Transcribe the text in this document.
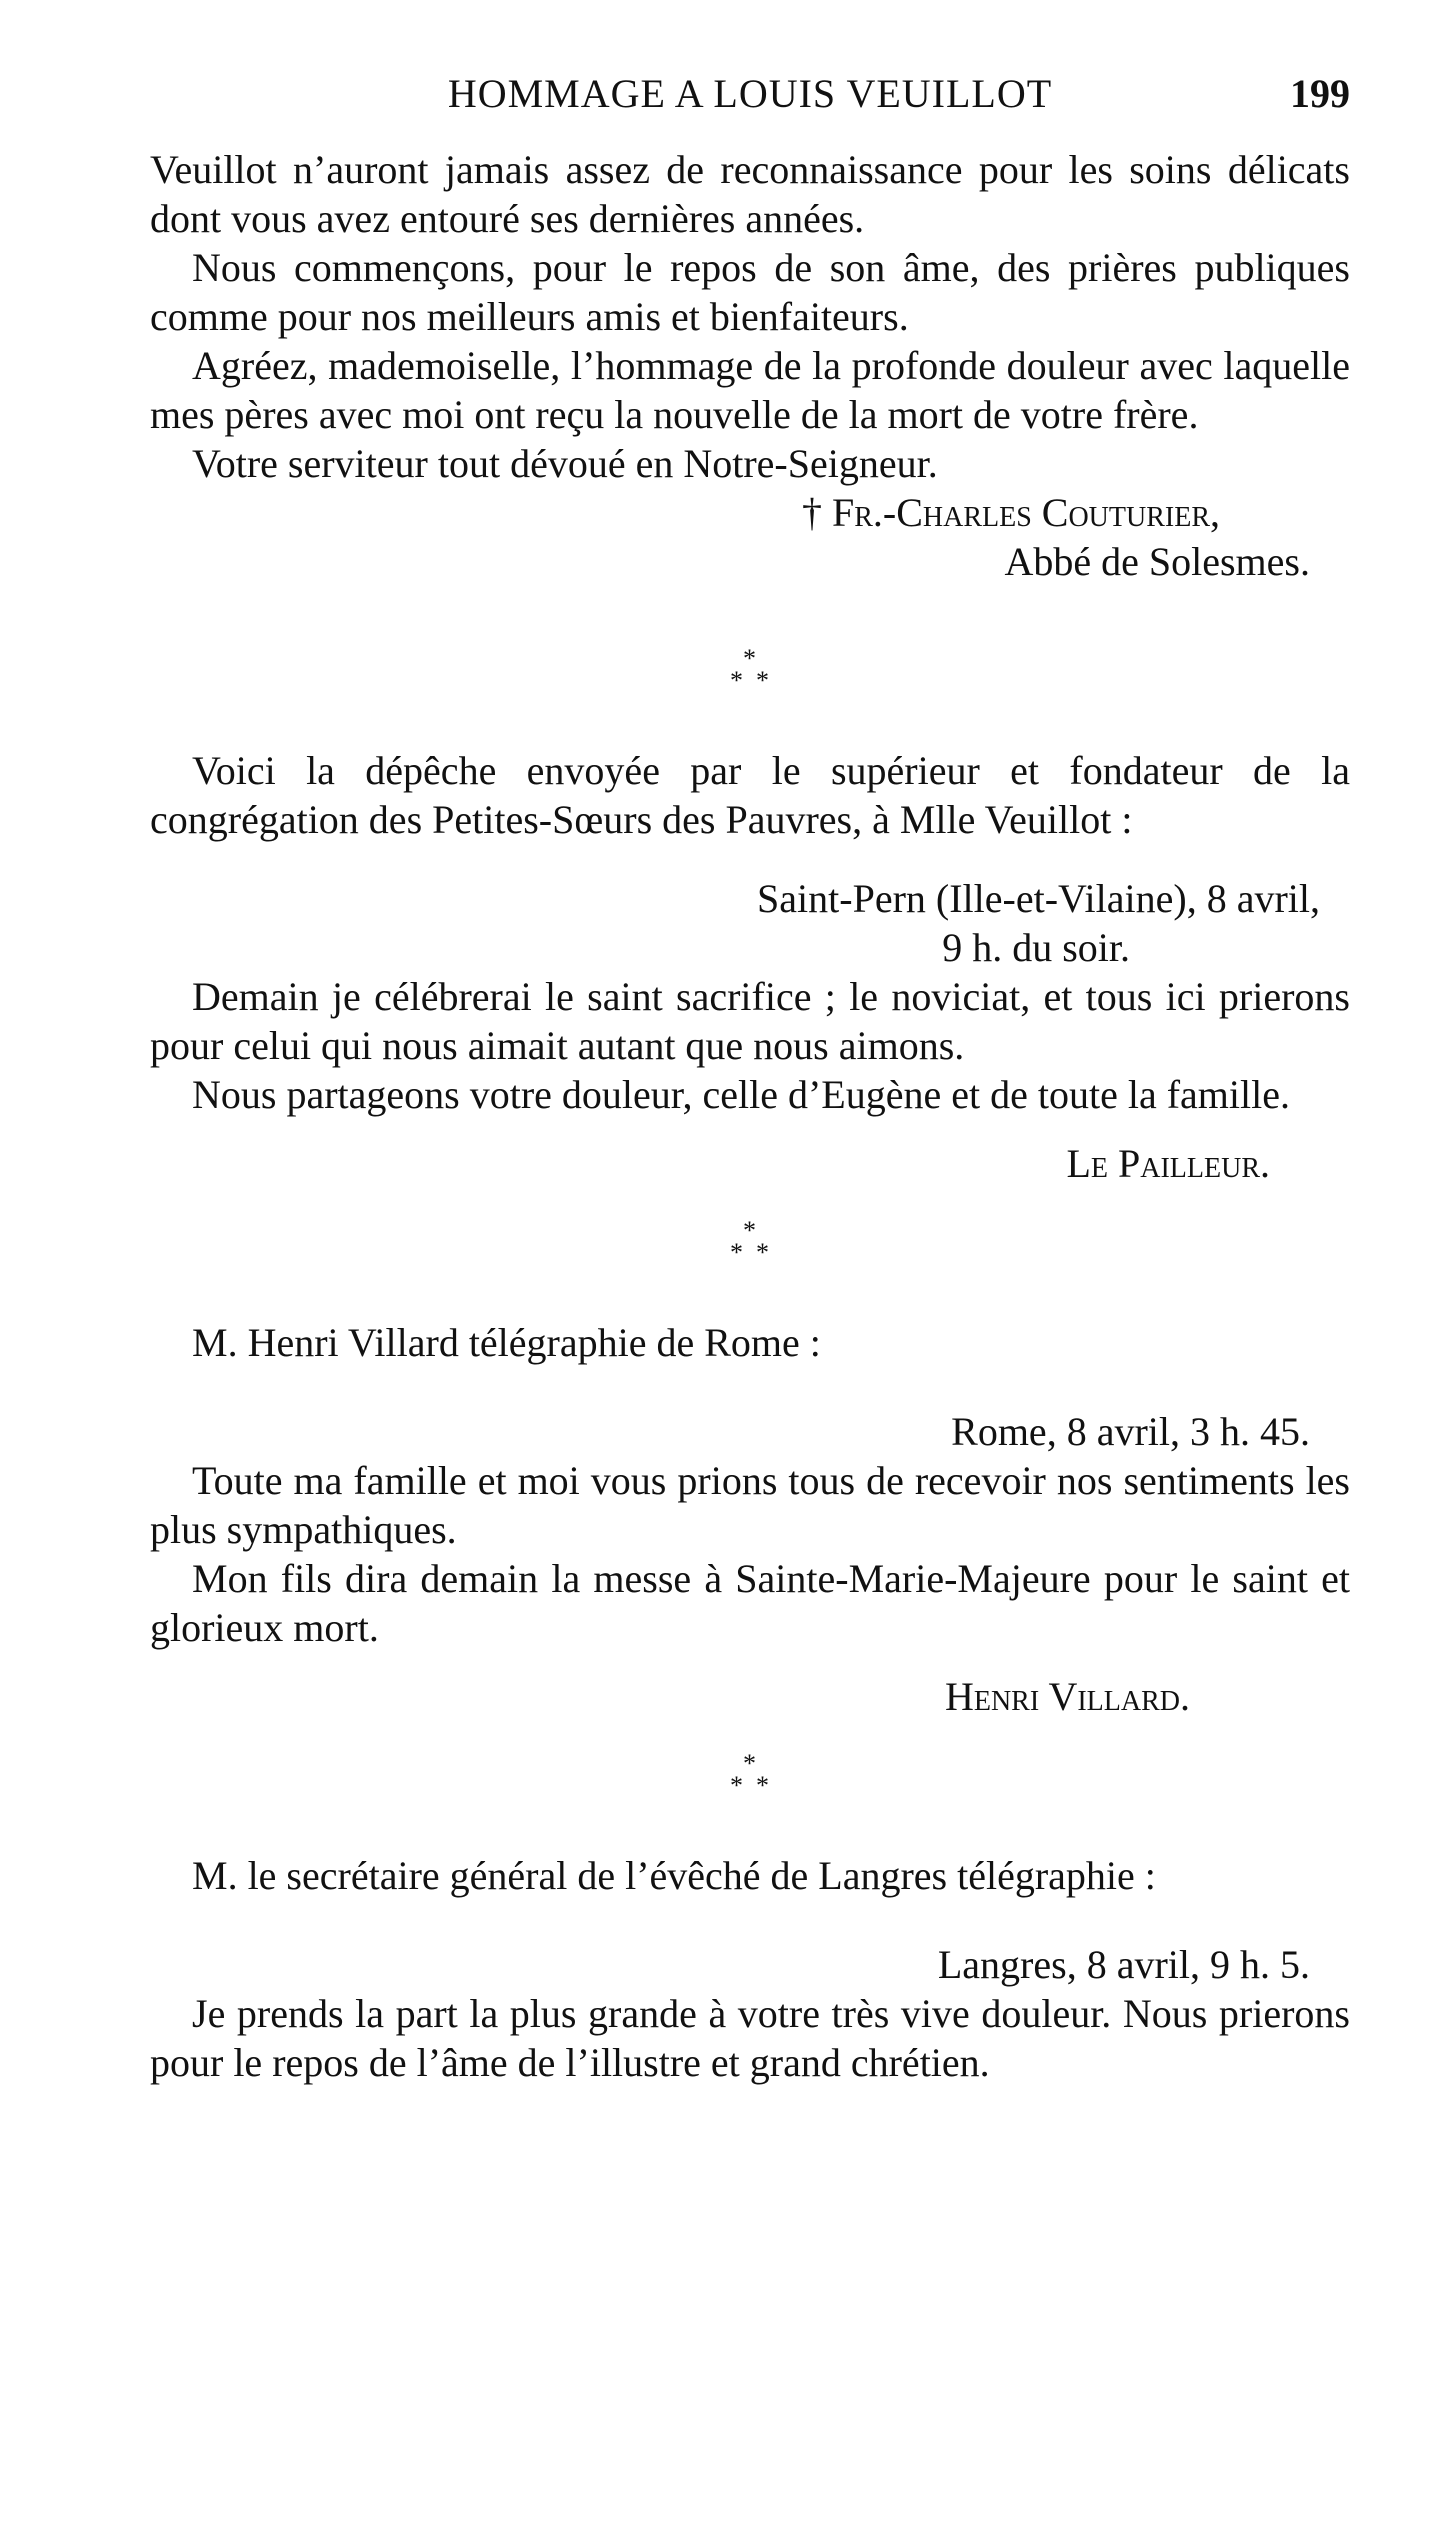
HOMMAGE A LOUIS VEUILLOT	199

Veuillot n’auront jamais assez de reconnaissance pour les soins délicats dont vous avez entouré ses dernières années.

Nous commençons, pour le repos de son âme, des prières publiques comme pour nos meilleurs amis et bienfaiteurs.

Agréez, mademoiselle, l’hommage de la profonde douleur avec laquelle mes pères avec moi ont reçu la nouvelle de la mort de votre frère.

Votre serviteur tout dévoué en Notre-Seigneur.

† Fr.-Charles Couturier,
Abbé de Solesmes.
*
* *

Voici la dépêche envoyée par le supérieur et fondateur de la congrégation des Petites-Sœurs des Pauvres, à Mlle Veuillot :

Saint-Pern (Ille-et-Vilaine), 8 avril,
9 h. du soir.

Demain je célébrerai le saint sacrifice ; le noviciat, et tous ici prierons pour celui qui nous aimait autant que nous aimons.

Nous partageons votre douleur, celle d’Eugène et de toute la famille.

Le Pailleur.
*
* *

M. Henri Villard télégraphie de Rome :

Rome, 8 avril, 3 h. 45.

Toute ma famille et moi vous prions tous de recevoir nos sentiments les plus sympathiques.

Mon fils dira demain la messe à Sainte-Marie-Majeure pour le saint et glorieux mort.

Henri Villard.
*
* *

M. le secrétaire général de l’évêché de Langres télégraphie :

Langres, 8 avril, 9 h. 5.

Je prends la part la plus grande à votre très vive douleur. Nous prierons pour le repos de l’âme de l’illustre et grand chrétien.
